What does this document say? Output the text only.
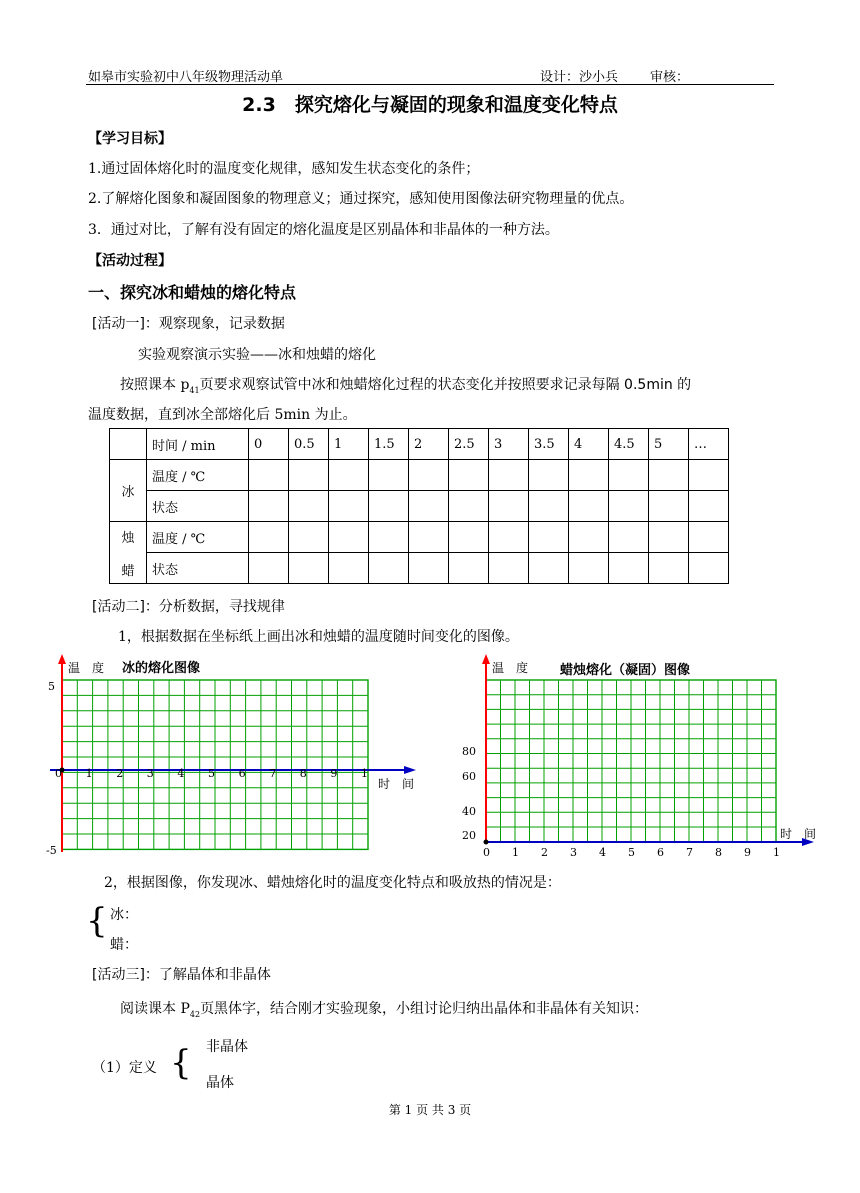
如皋市实验初中八年级物理活动单	设计：沙小兵 审核：
2.3　探究熔化与凝固的现象和温度变化特点
【学习目标】
1.通过固体熔化时的温度变化规律，感知发生状态变化的条件；
2.了解熔化图象和凝固图象的物理意义；通过探究，感知使用图像法研究物理量的优点。
3．通过对比，了解有没有固定的熔化温度是区别晶体和非晶体的一种方法。
【活动过程】
一、探究冰和蜡烛的熔化特点
[活动一]：观察现象，记录数据
实验观察演示实验——冰和烛蜡的熔化
按照课本 $p_{41}$页要求观察试管中冰和烛蜡熔化过程的状态变化并按照要求记录每隔 0.5min 的
温度数据，直到冰全部熔化后 5min 为止。
	时间 / min	0	0.5	1	1.5	2	2.5	3	3.5	4	4.5	5	…
冰	温度 / ℃												
	状态												

烛
蜡	温度 / ℃												
	状态												
[活动二]：分析数据，寻找规律
1，根据数据在坐标纸上画出冰和烛蜡的温度随时间变化的图像。
温　度 冰的熔化图像
时　间
5
-5
0 1 2 3 4 5 6 7 8 9 1
温　度 蜡烛熔化（凝固）图像
时　间
80
60
40
20
0 1 2 3 4 5 6 7 8 9 1
2，根据图像，你发现冰、蜡烛熔化时的温度变化特点和吸放热的情况是：
{ 冰：
蜡：
[活动三]：了解晶体和非晶体
阅读课本 $P_{42}$页黑体字，结合刚才实验现象，小组讨论归纳出晶体和非晶体有关知识：
（1）定义 { 非晶体
晶体
第 1 页 共 3 页
